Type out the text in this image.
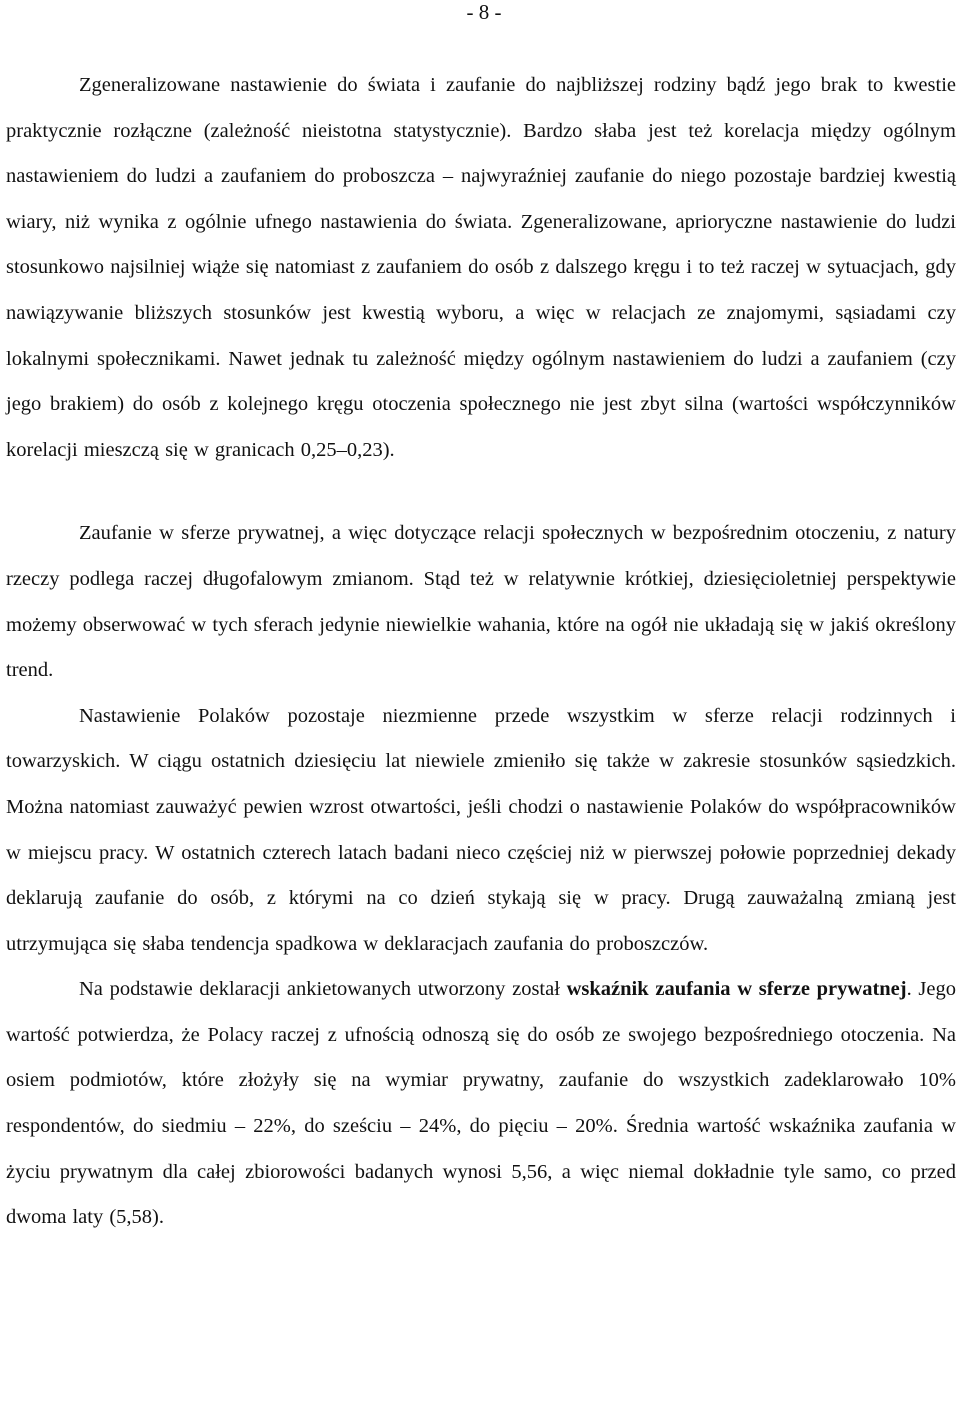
- 8 -

Zgeneralizowane nastawienie do świata i zaufanie do najbliższej rodziny bądź jego brak to kwestie praktycznie rozłączne (zależność nieistotna statystycznie). Bardzo słaba jest też korelacja między ogólnym nastawieniem do ludzi a zaufaniem do proboszcza – najwyraźniej zaufanie do niego pozostaje bardziej kwestią wiary, niż wynika z ogólnie ufnego nastawienia do świata. Zgeneralizowane, aprioryczne nastawienie do ludzi stosunkowo najsilniej wiąże się natomiast z zaufaniem do osób z dalszego kręgu i to też raczej w sytuacjach, gdy nawiązywanie bliższych stosunków jest kwestią wyboru, a więc w relacjach ze znajomymi, sąsiadami czy lokalnymi społecznikami. Nawet jednak tu zależność między ogólnym nastawieniem do ludzi a zaufaniem (czy jego brakiem) do osób z kolejnego kręgu otoczenia społecznego nie jest zbyt silna (wartości współczynników korelacji mieszczą się w granicach 0,25–0,23).

Zaufanie w sferze prywatnej, a więc dotyczące relacji społecznych w bezpośrednim otoczeniu, z natury rzeczy podlega raczej długofalowym zmianom. Stąd też w relatywnie krótkiej, dziesięcioletniej perspektywie możemy obserwować w tych sferach jedynie niewielkie wahania, które na ogół nie układają się w jakiś określony trend.

Nastawienie Polaków pozostaje niezmienne przede wszystkim w sferze relacji rodzinnych i towarzyskich. W ciągu ostatnich dziesięciu lat niewiele zmieniło się także w zakresie stosunków sąsiedzkich. Można natomiast zauważyć pewien wzrost otwartości, jeśli chodzi o nastawienie Polaków do współpracowników w miejscu pracy. W ostatnich czterech latach badani nieco częściej niż w pierwszej połowie poprzedniej dekady deklarują zaufanie do osób, z którymi na co dzień stykają się w pracy. Drugą zauważalną zmianą jest utrzymująca się słaba tendencja spadkowa w deklaracjach zaufania do proboszczów.

Na podstawie deklaracji ankietowanych utworzony został wskaźnik zaufania w sferze prywatnej. Jego wartość potwierdza, że Polacy raczej z ufnością odnoszą się do osób ze swojego bezpośredniego otoczenia. Na osiem podmiotów, które złożyły się na wymiar prywatny, zaufanie do wszystkich zadeklarowało 10% respondentów, do siedmiu – 22%, do sześciu – 24%, do pięciu – 20%. Średnia wartość wskaźnika zaufania w życiu prywatnym dla całej zbiorowości badanych wynosi 5,56, a więc niemal dokładnie tyle samo, co przed dwoma laty (5,58).
